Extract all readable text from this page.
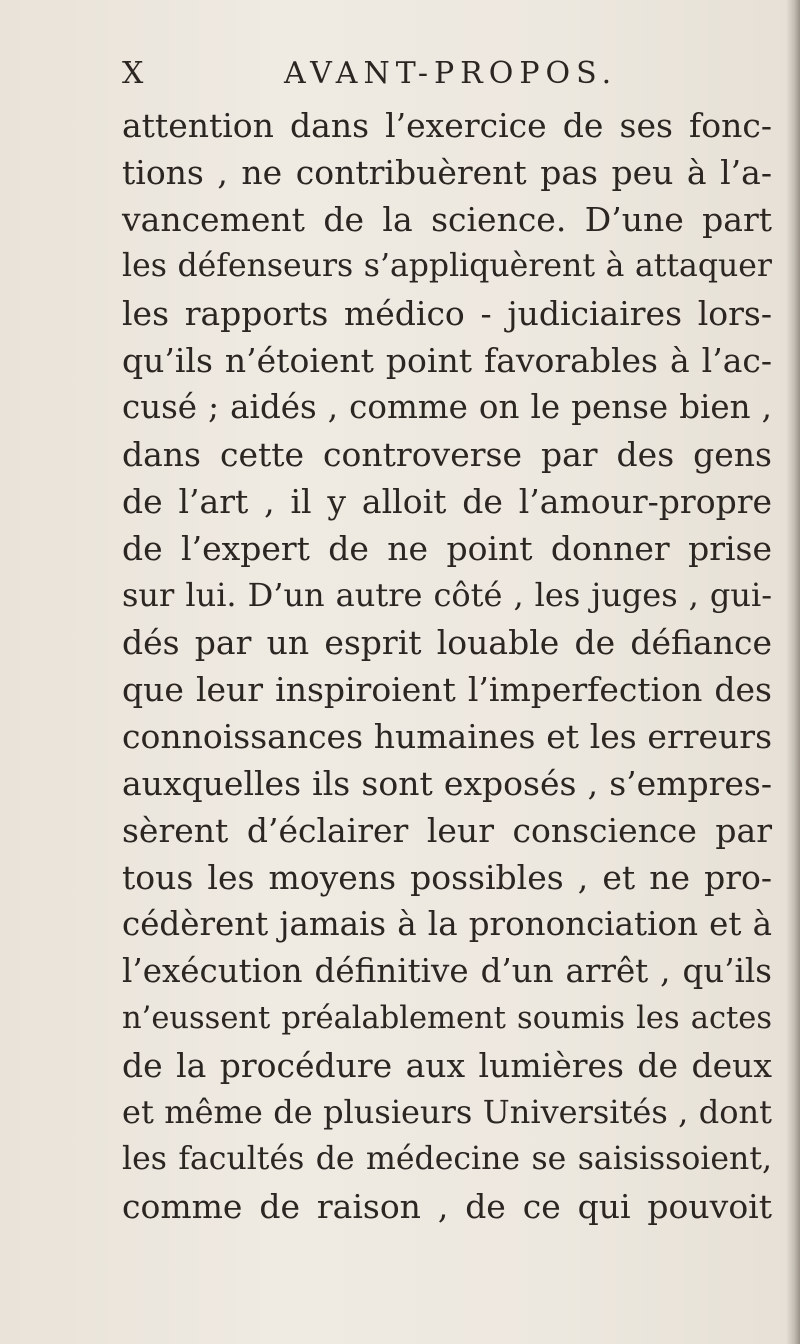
X	AVANT-PROPOS.
attention dans l’exercice de ses fonc-
tions , ne contribuèrent pas peu à l’a-
vancement de la science. D’une part
les défenseurs s’appliquèrent à attaquer
les rapports médico - judiciaires lors-
qu’ils n’étoient point favorables à l’ac-
cusé ; aidés , comme on le pense bien ,
dans cette controverse par des gens
de l’art , il y alloit de l’amour-propre
de l’expert de ne point donner prise
sur lui. D’un autre côté , les juges , gui-
dés par un esprit louable de défiance
que leur inspiroient l’imperfection des
connoissances humaines et les erreurs
auxquelles ils sont exposés , s’empres-
sèrent d’éclairer leur conscience par
tous les moyens possibles , et ne pro-
cédèrent jamais à la prononciation et à
l’exécution définitive d’un arrêt , qu’ils
n’eussent préalablement soumis les actes
de la procédure aux lumières de deux
et même de plusieurs Universités , dont
les facultés de médecine se saisissoient,
comme de raison , de ce qui pouvoit
